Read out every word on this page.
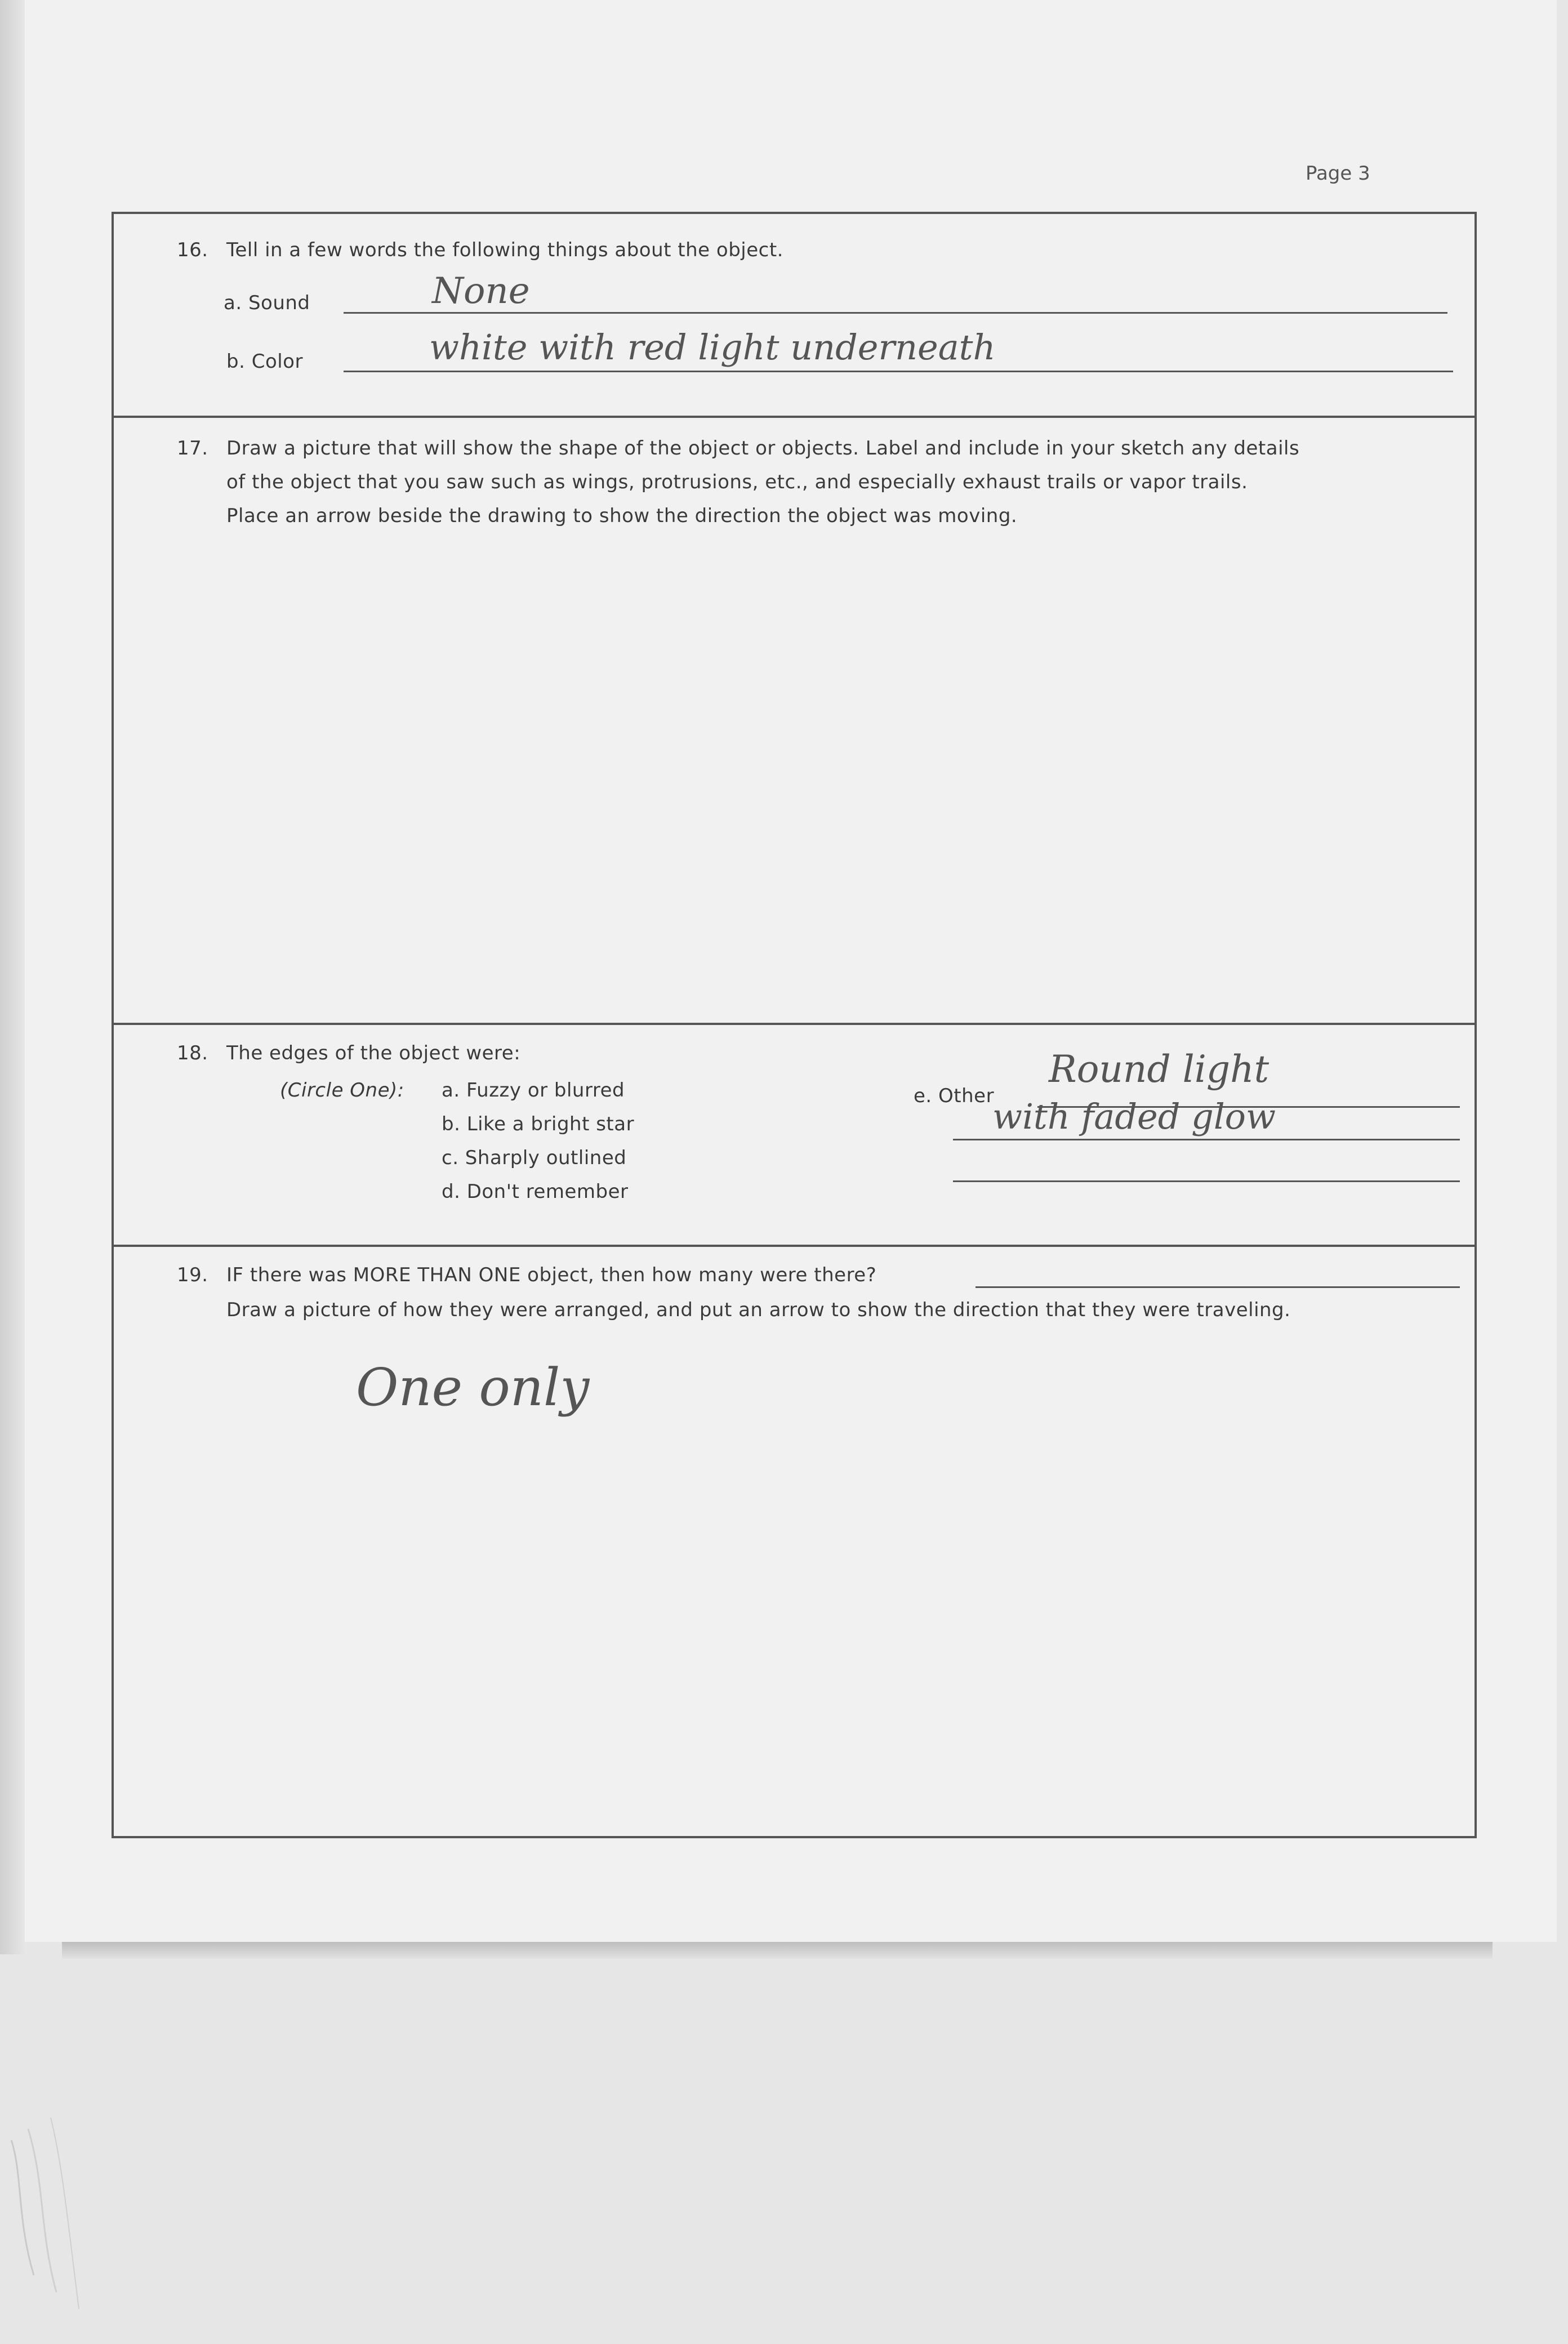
Page 3
16. Tell in a few words the following things about the object.
a. Sound	None
b. Color	white with red light underneath
17. Draw a picture that will show the shape of the object or objects. Label and include in your sketch any details
of the object that you saw such as wings, protrusions, etc., and especially exhaust trails or vapor trails.
Place an arrow beside the drawing to show the direction the object was moving.
18. The edges of the object were:
(Circle One): a. Fuzzy or blurred
b. Like a bright star
c. Sharply outlined
d. Don't remember
e. Other
Round light
with faded glow
19. IF there was MORE THAN ONE object, then how many were there?
Draw a picture of how they were arranged, and put an arrow to show the direction that they were traveling.
One only
